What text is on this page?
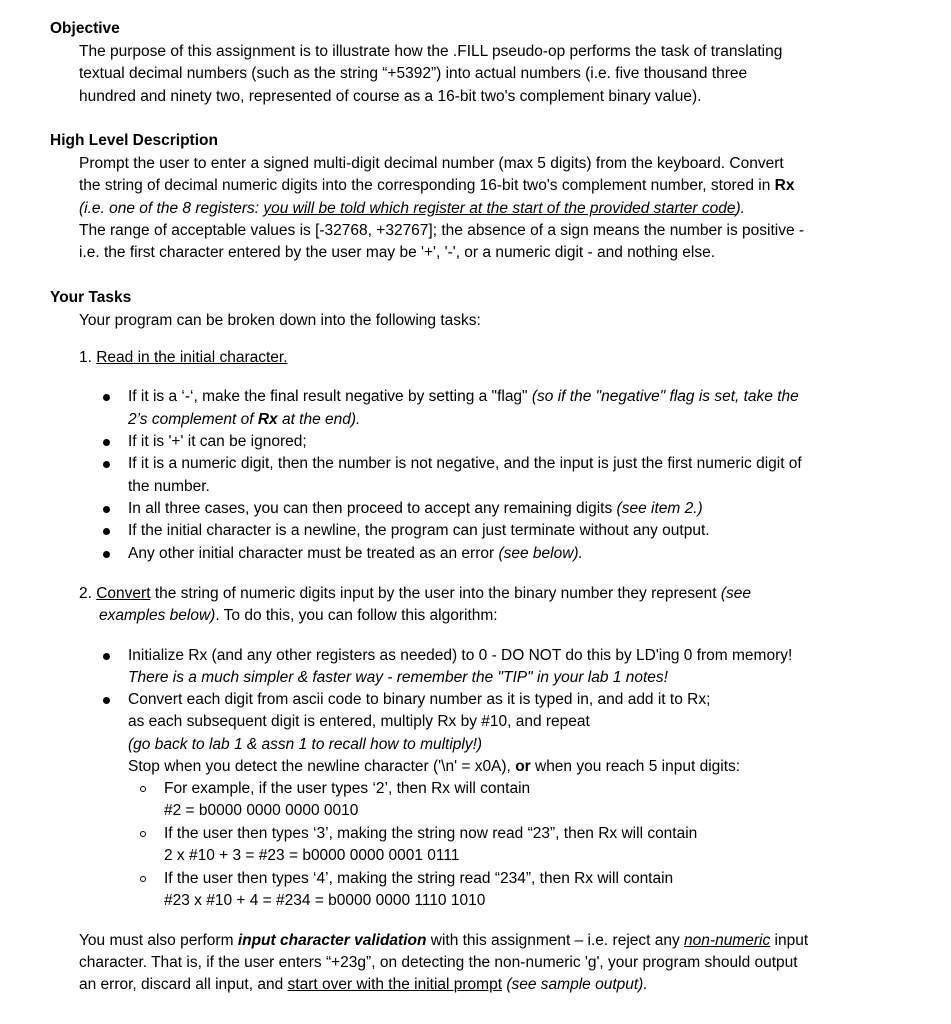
Objective
The purpose of this assignment is to illustrate how the .FILL pseudo-op performs the task of translating
textual decimal numbers (such as the string “+5392”) into actual numbers (i.e. five thousand three
hundred and ninety two, represented of course as a 16-bit two's complement binary value).
High Level Description
Prompt the user to enter a signed multi-digit decimal number (max 5 digits) from the keyboard. Convert
the string of decimal numeric digits into the corresponding 16-bit two's complement number, stored in Rx
(i.e. one of the 8 registers: you will be told which register at the start of the provided starter code).
The range of acceptable values is [-32768, +32767]; the absence of a sign means the number is positive -
i.e. the first character entered by the user may be '+', '-', or a numeric digit - and nothing else.
Your Tasks
Your program can be broken down into the following tasks:
1. Read in the initial character.
If it is a ‘-‘, make the final result negative by setting a "flag" (so if the "negative" flag is set, take the
2’s complement of Rx at the end).
If it is '+' it can be ignored;
If it is a numeric digit, then the number is not negative, and the input is just the first numeric digit of
the number.
In all three cases, you can then proceed to accept any remaining digits (see item 2.)
If the initial character is a newline, the program can just terminate without any output.
Any other initial character must be treated as an error (see below).
2. Convert the string of numeric digits input by the user into the binary number they represent (see
examples below). To do this, you can follow this algorithm:
Initialize Rx (and any other registers as needed) to 0 - DO NOT do this by LD'ing 0 from memory!
There is a much simpler & faster way - remember the "TIP" in your lab 1 notes!
Convert each digit from ascii code to binary number as it is typed in, and add it to Rx;
as each subsequent digit is entered, multiply Rx by #10, and repeat
(go back to lab 1 & assn 1 to recall how to multiply!)
Stop when you detect the newline character ('\n' = x0A), or when you reach 5 input digits:
For example, if the user types ‘2’, then Rx will contain
#2 = b0000 0000 0000 0010
If the user then types ‘3’, making the string now read “23”, then Rx will contain
2 x #10 + 3 = #23 = b0000 0000 0001 0111
If the user then types ‘4’, making the string read “234”, then Rx will contain
#23 x #10 + 4 = #234 = b0000 0000 1110 1010
You must also perform input character validation with this assignment – i.e. reject any non-numeric input
character. That is, if the user enters “+23g”, on detecting the non-numeric 'g', your program should output
an error, discard all input, and start over with the initial prompt (see sample output).
